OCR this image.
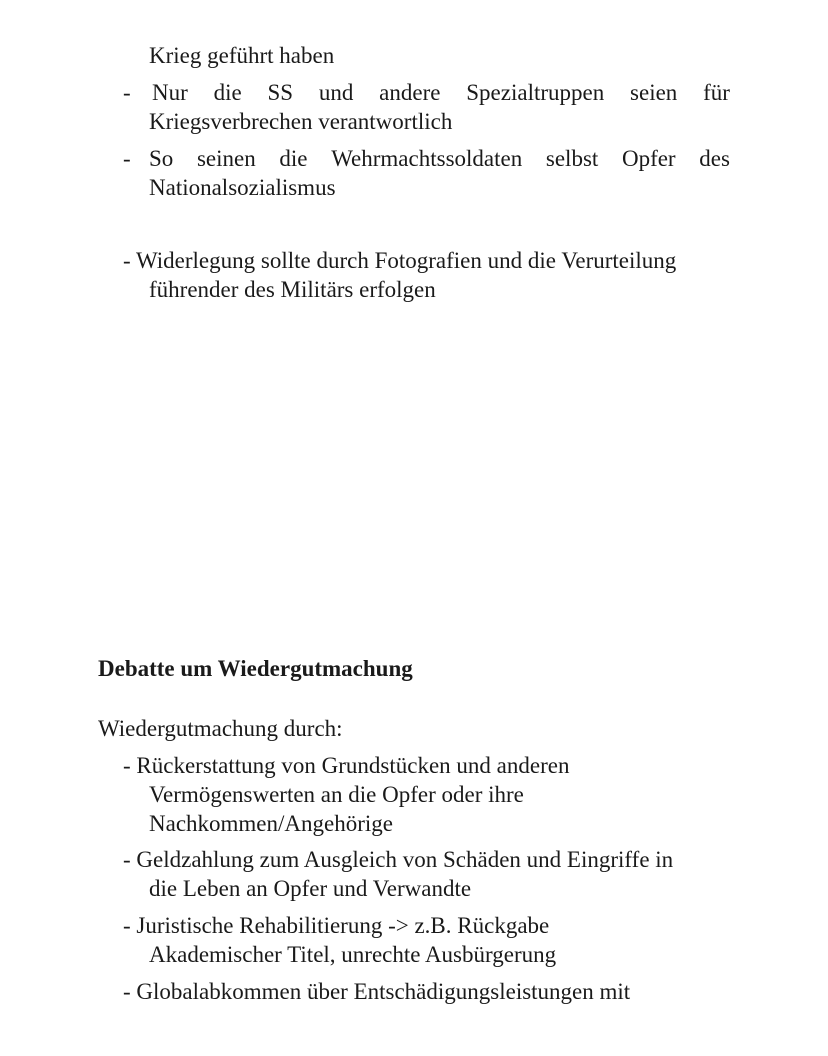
Krieg geführt haben
- Nur die SS und andere Spezialtruppen seien für
Kriegsverbrechen verantwortlich
- So seinen die Wehrmachtssoldaten selbst Opfer des
Nationalsozialismus
- Widerlegung sollte durch Fotografien und die Verurteilung
führender des Militärs erfolgen
Debatte um Wiedergutmachung
Wiedergutmachung durch:
- Rückerstattung von Grundstücken und anderen
Vermögenswerten an die Opfer oder ihre
Nachkommen/Angehörige
- Geldzahlung zum Ausgleich von Schäden und Eingriffe in
die Leben an Opfer und Verwandte
- Juristische Rehabilitierung -> z.B. Rückgabe
Akademischer Titel, unrechte Ausbürgerung
- Globalabkommen über Entschädigungsleistungen mit
